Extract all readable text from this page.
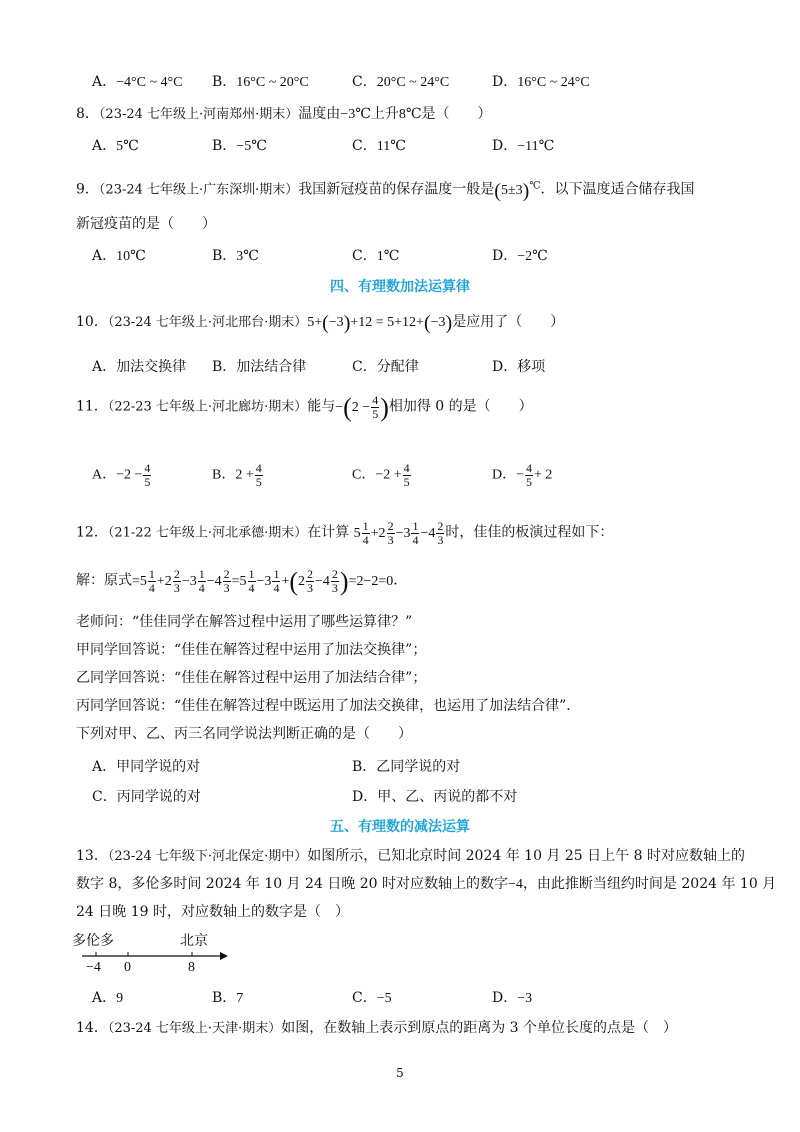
A．−4°C ~ 4°C B．16°C ~ 20°C	C．20°C ~ 24°C	D．16°C ~ 24°C
8．（23-24 七年级上·河南郑州·期末）温度由−3℃上升8℃是（　　）
A．5℃	B．−5℃	C．11℃	D．−11℃
9．（23-24 七年级上·广东深圳·期末）我国新冠疫苗的保存温度一般是(5±3)℃．以下温度适合储存我国
新冠疫苗的是（　　）
A．10℃	B．3℃	C．1℃	D．−2℃
四、有理数加法运算律
10．（23-24 七年级上·河北邢台·期末）5+(−3)+12 = 5+12+(−3)是应用了（　　）
A．加法交换律 B．加法结合律	C．分配律	D．移项
11．（22-23 七年级上·河北廊坊·期末）能与$-(2 - \frac{4}{5}$ )相加得 0 的是（　　）
A．$-2 - \frac{4}{5}$	B．$2 + \frac{4}{5}$	C．$-2 + \frac{4}{5}$	D．− $\frac{4}{5} + 2$
12．（21-22 七年级上·河北承德·期末）在计算 $5 \frac{1}{4} +2 \frac{2}{3} -3 \frac{1}{4} -4 \frac{2}{3}$ 时，佳佳的板演过程如下：
解：原式$=5 \frac{1}{4} +2 \frac{2}{3} -3 \frac{1}{4} -4 \frac{2}{3} =5 \frac{1}{4} -3 \frac{1}{4} +(2 \frac{2}{3} -4 \frac{2}{3} )=2-2=0$．
老师问：“佳佳同学在解答过程中运用了哪些运算律？”
甲同学回答说：“佳佳在解答过程中运用了加法交换律”；
乙同学回答说：“佳佳在解答过程中运用了加法结合律”；
丙同学回答说：“佳佳在解答过程中既运用了加法交换律，也运用了加法结合律”．
下列对甲、乙、丙三名同学说法判断正确的是（　　）
A．甲同学说的对	B．乙同学说的对
C．丙同学说的对	D．甲、乙、丙说的都不对
五、有理数的减法运算
13．（23-24 七年级下·河北保定·期中）如图所示，已知北京时间 2024 年 10 月 25 日上午 8 时对应数轴上的
数字 8，多伦多时间 2024 年 10 月 24 日晚 20 时对应数轴上的数字−4，由此推断当纽约时间是 2024 年 10 月
24 日晚 19 时，对应数轴上的数字是（　）
多伦多	北京
−4 0	8
A．9	B．7	C．−5	D．−3
14．（23-24 七年级上·天津·期末）如图，在数轴上表示到原点的距离为 3 个单位长度的点是（　）
5
